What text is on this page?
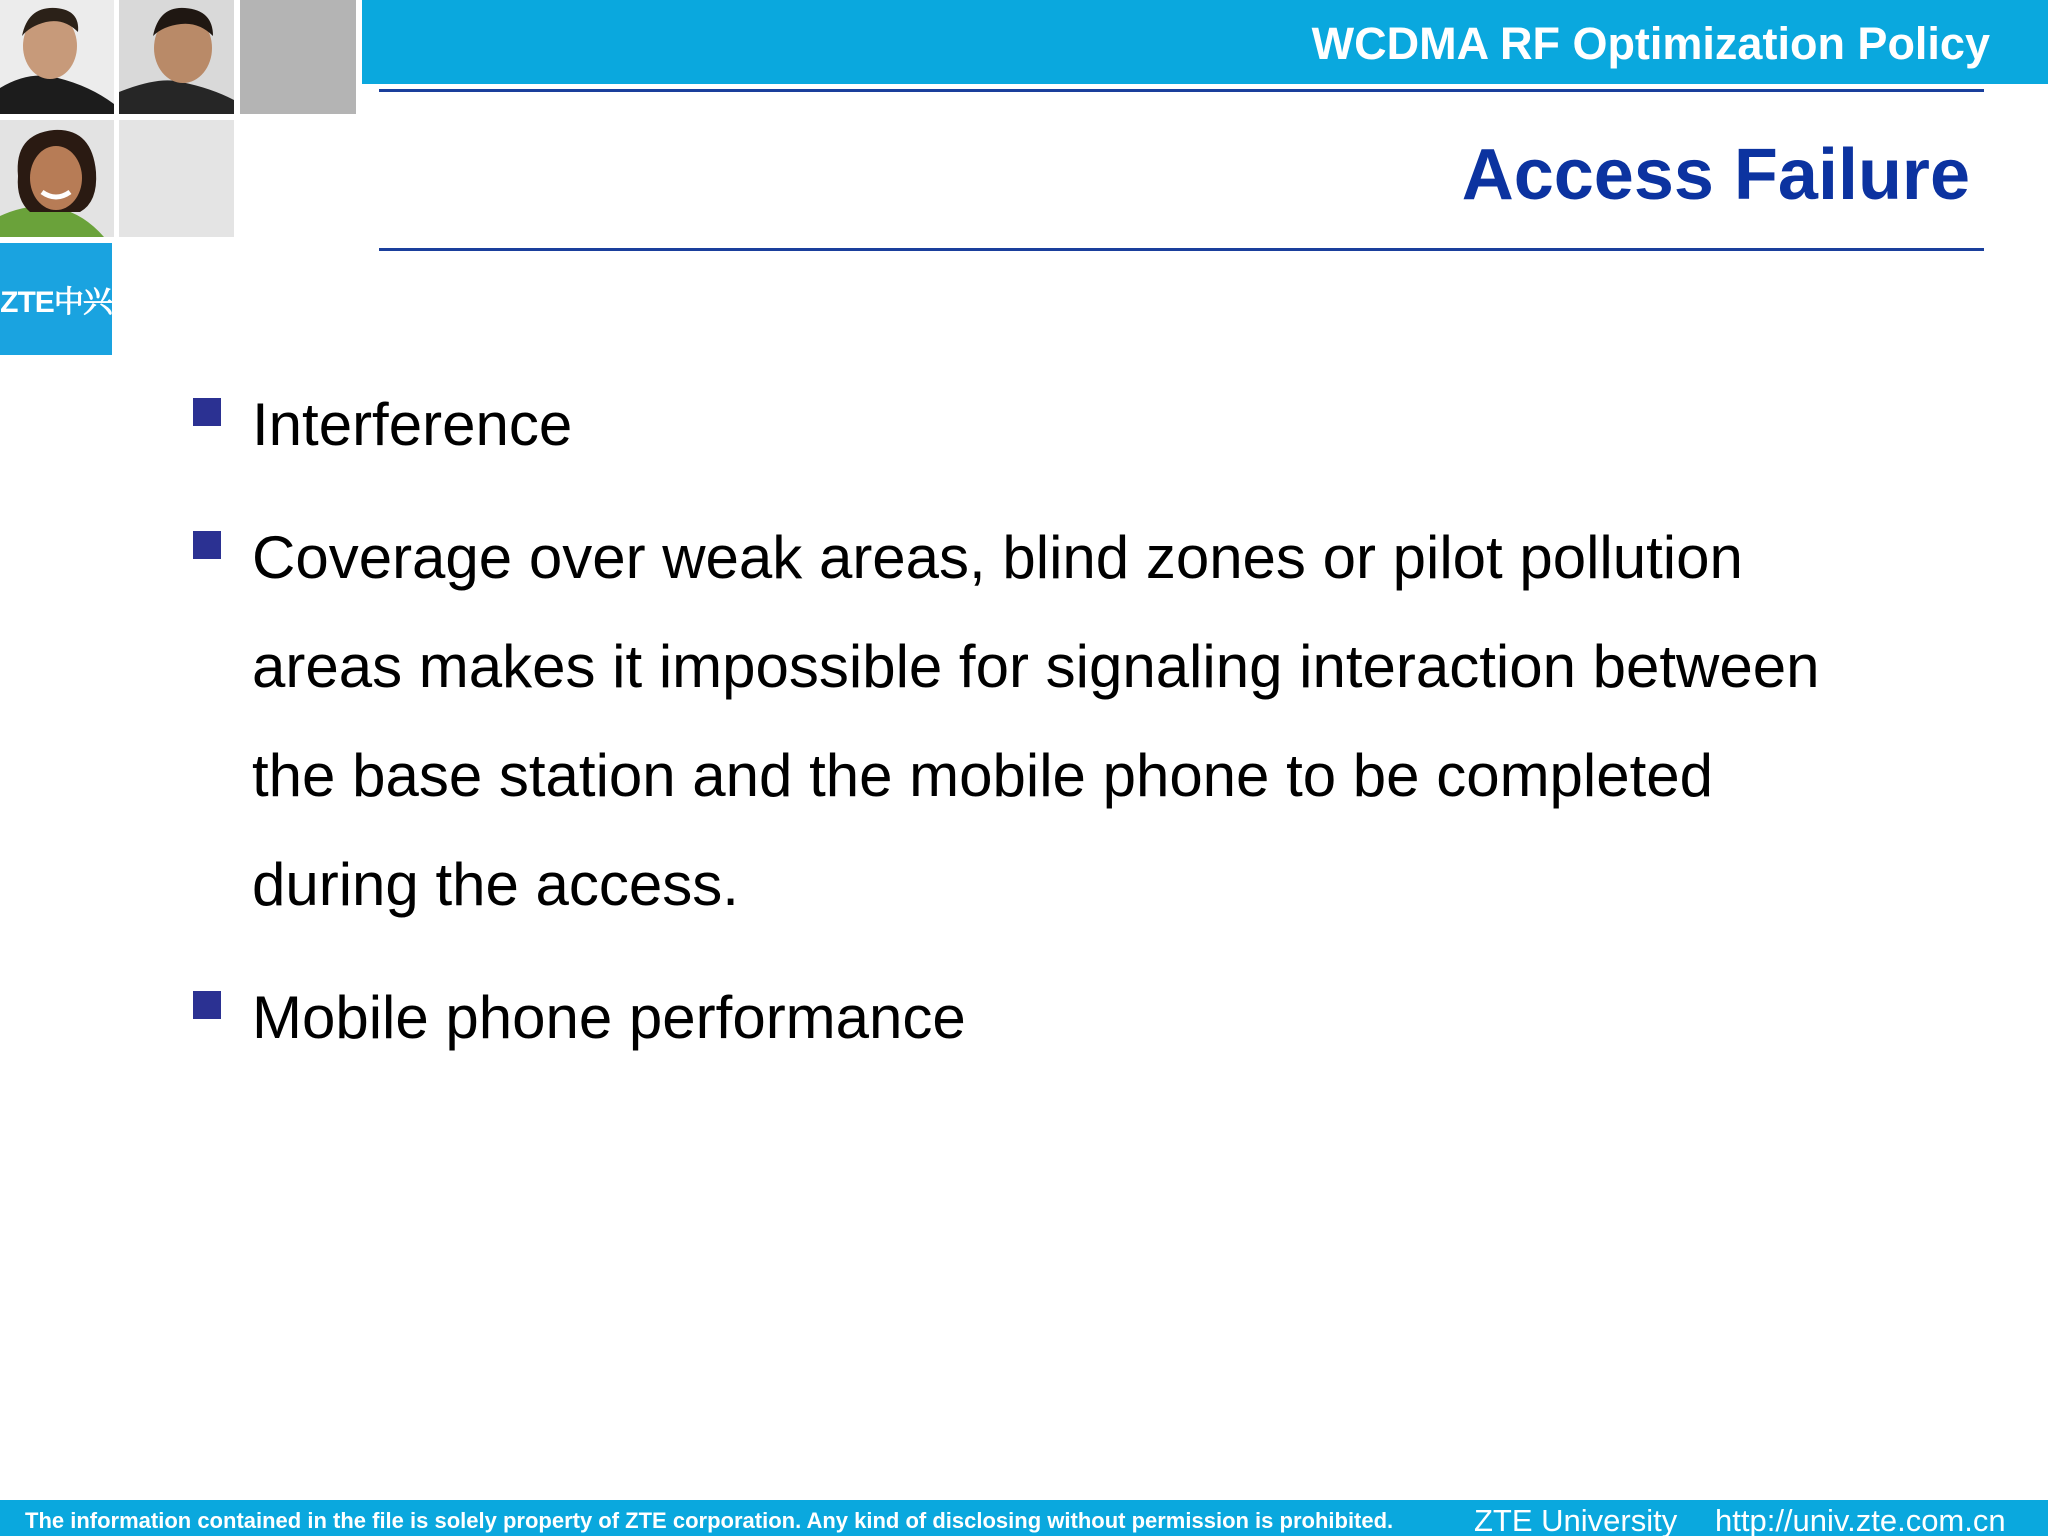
ZTE中兴
WCDMA RF Optimization Policy
Access Failure
Interference
Coverage over weak areas, blind zones or pilot pollution areas makes it impossible for signaling interaction between the base station and the mobile phone to be completed during the access.
Mobile phone performance
The information contained in the file is solely property of ZTE corporation. Any kind of disclosing without permission is prohibited.	ZTE University http://univ.zte.com.cn
